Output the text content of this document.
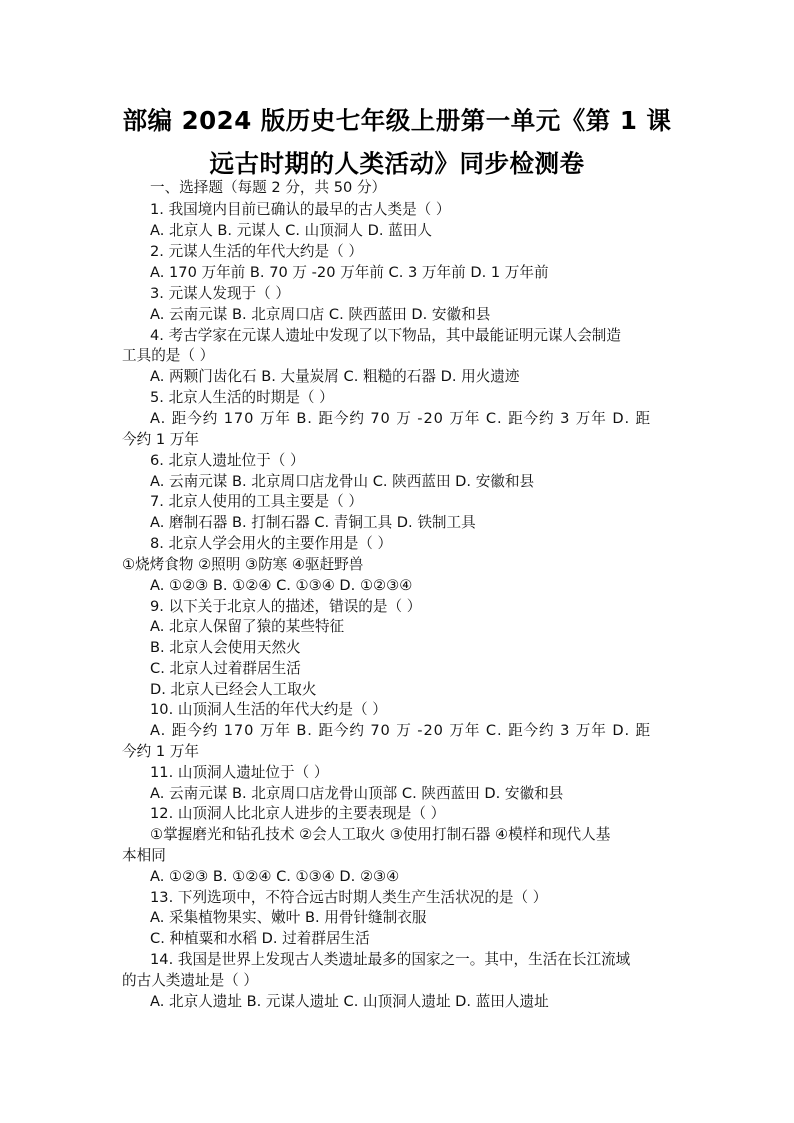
部编 2024 版历史七年级上册第一单元《第 1 课
远古时期的人类活动》同步检测卷
一、选择题（每题 2 分，共 50 分）
1. 我国境内目前已确认的最早的古人类是（ ）
A. 北京人 B. 元谋人 C. 山顶洞人 D. 蓝田人
2. 元谋人生活的年代大约是（ ）
A. 170 万年前 B. 70 万 -20 万年前 C. 3 万年前 D. 1 万年前
3. 元谋人发现于（ ）
A. 云南元谋 B. 北京周口店 C. 陕西蓝田 D. 安徽和县
4. 考古学家在元谋人遗址中发现了以下物品，其中最能证明元谋人会制造
工具的是（ ）
A. 两颗门齿化石 B. 大量炭屑 C. 粗糙的石器 D. 用火遗迹
5. 北京人生活的时期是（ ）
A. 距今约 170 万年 B. 距今约 70 万 -20 万年 C. 距今约 3 万年 D. 距
今约 1 万年
6. 北京人遗址位于（ ）
A. 云南元谋 B. 北京周口店龙骨山 C. 陕西蓝田 D. 安徽和县
7. 北京人使用的工具主要是（ ）
A. 磨制石器 B. 打制石器 C. 青铜工具 D. 铁制工具
8. 北京人学会用火的主要作用是（ ）
①烧烤食物 ②照明 ③防寒 ④驱赶野兽
A. ①②③ B. ①②④ C. ①③④ D. ①②③④
9. 以下关于北京人的描述，错误的是（ ）
A. 北京人保留了猿的某些特征
B. 北京人会使用天然火
C. 北京人过着群居生活
D. 北京人已经会人工取火
10. 山顶洞人生活的年代大约是（ ）
A. 距今约 170 万年 B. 距今约 70 万 -20 万年 C. 距今约 3 万年 D. 距
今约 1 万年
11. 山顶洞人遗址位于（ ）
A. 云南元谋 B. 北京周口店龙骨山顶部 C. 陕西蓝田 D. 安徽和县
12. 山顶洞人比北京人进步的主要表现是（ ）
①掌握磨光和钻孔技术 ②会人工取火 ③使用打制石器 ④模样和现代人基
本相同
A. ①②③ B. ①②④ C. ①③④ D. ②③④
13. 下列选项中，不符合远古时期人类生产生活状况的是（ ）
A. 采集植物果实、嫩叶 B. 用骨针缝制衣服
C. 种植粟和水稻 D. 过着群居生活
14. 我国是世界上发现古人类遗址最多的国家之一。其中，生活在长江流域
的古人类遗址是（ ）
A. 北京人遗址 B. 元谋人遗址 C. 山顶洞人遗址 D. 蓝田人遗址
